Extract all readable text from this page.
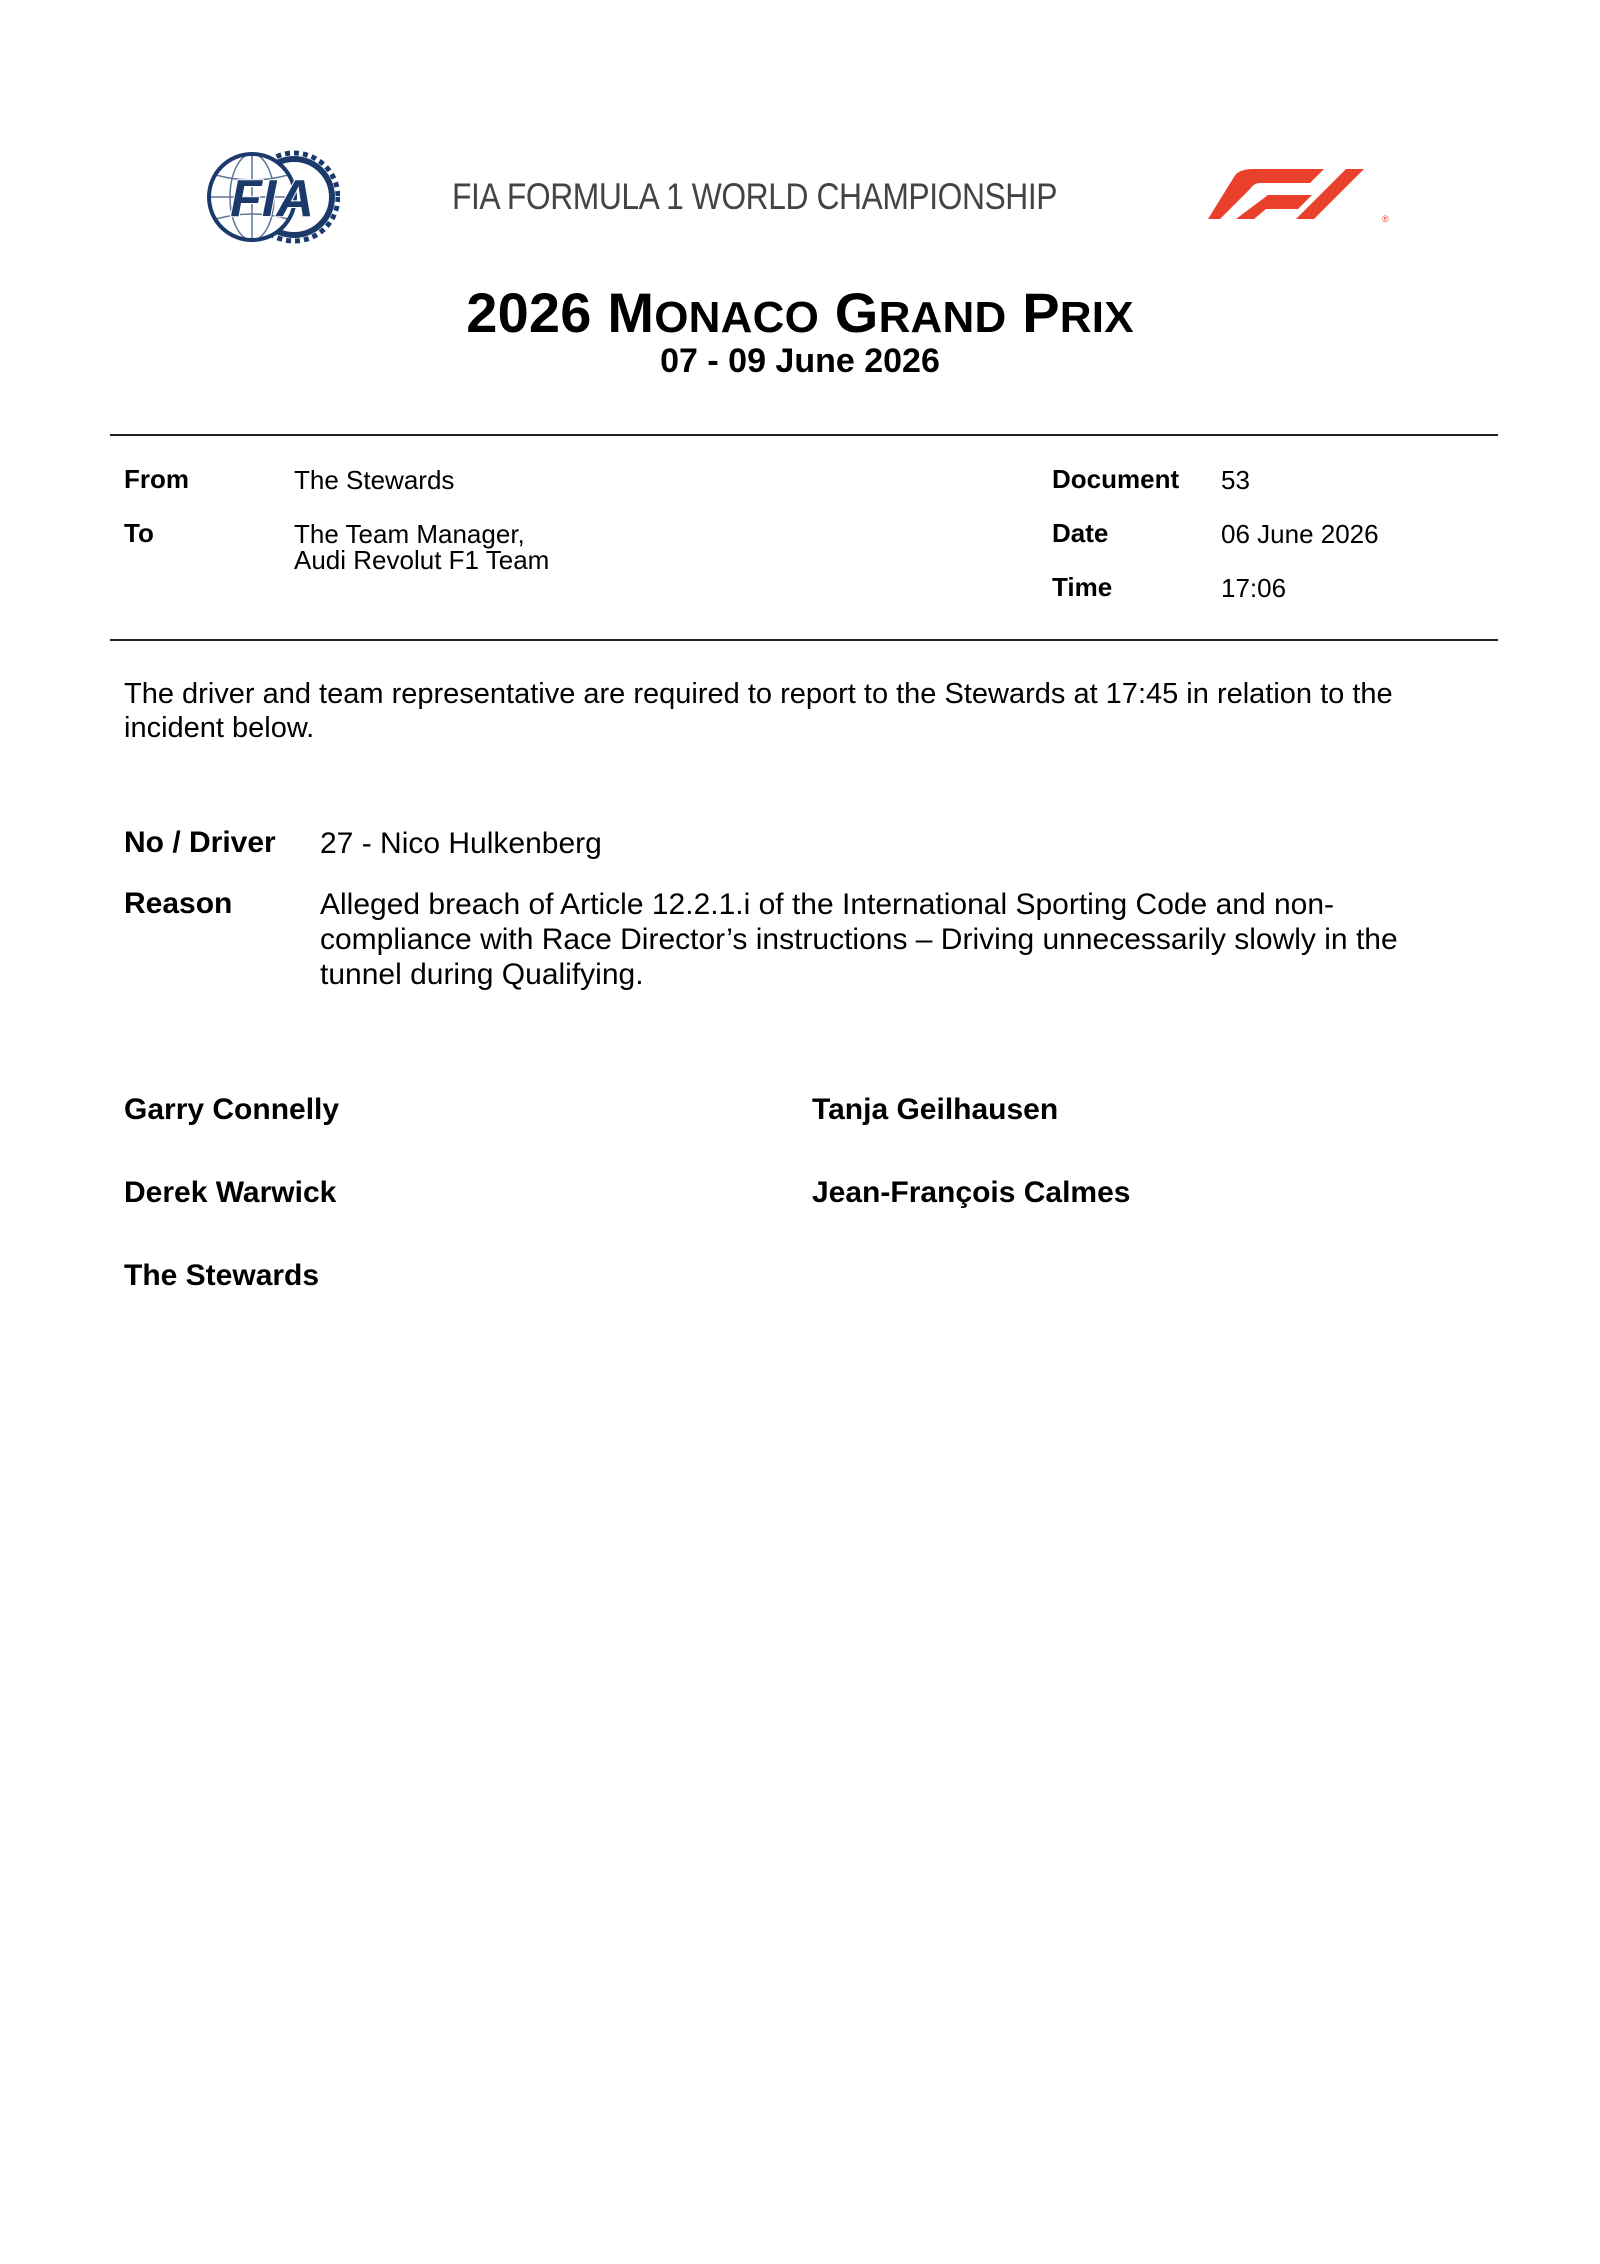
FIA	FIA FORMULA 1 WORLD CHAMPIONSHIP
®
2026 MONACO GRAND PRIX
07 - 09 June 2026
From	The Stewards
To	The Team Manager,
Audi Revolut F1 Team
Document 53
Date	06 June 2026
Time	17:06
The driver and team representative are required to report to the Stewards at 17:45 in relation to the incident below.
No / Driver 27 - Nico Hulkenberg
Reason	Alleged breach of Article 12.2.1.i of the International Sporting Code and non-compliance with Race Director’s instructions – Driving unnecessarily slowly in the tunnel during Qualifying.
Garry Connelly	Tanja Geilhausen
Derek Warwick	Jean-François Calmes
The Stewards
